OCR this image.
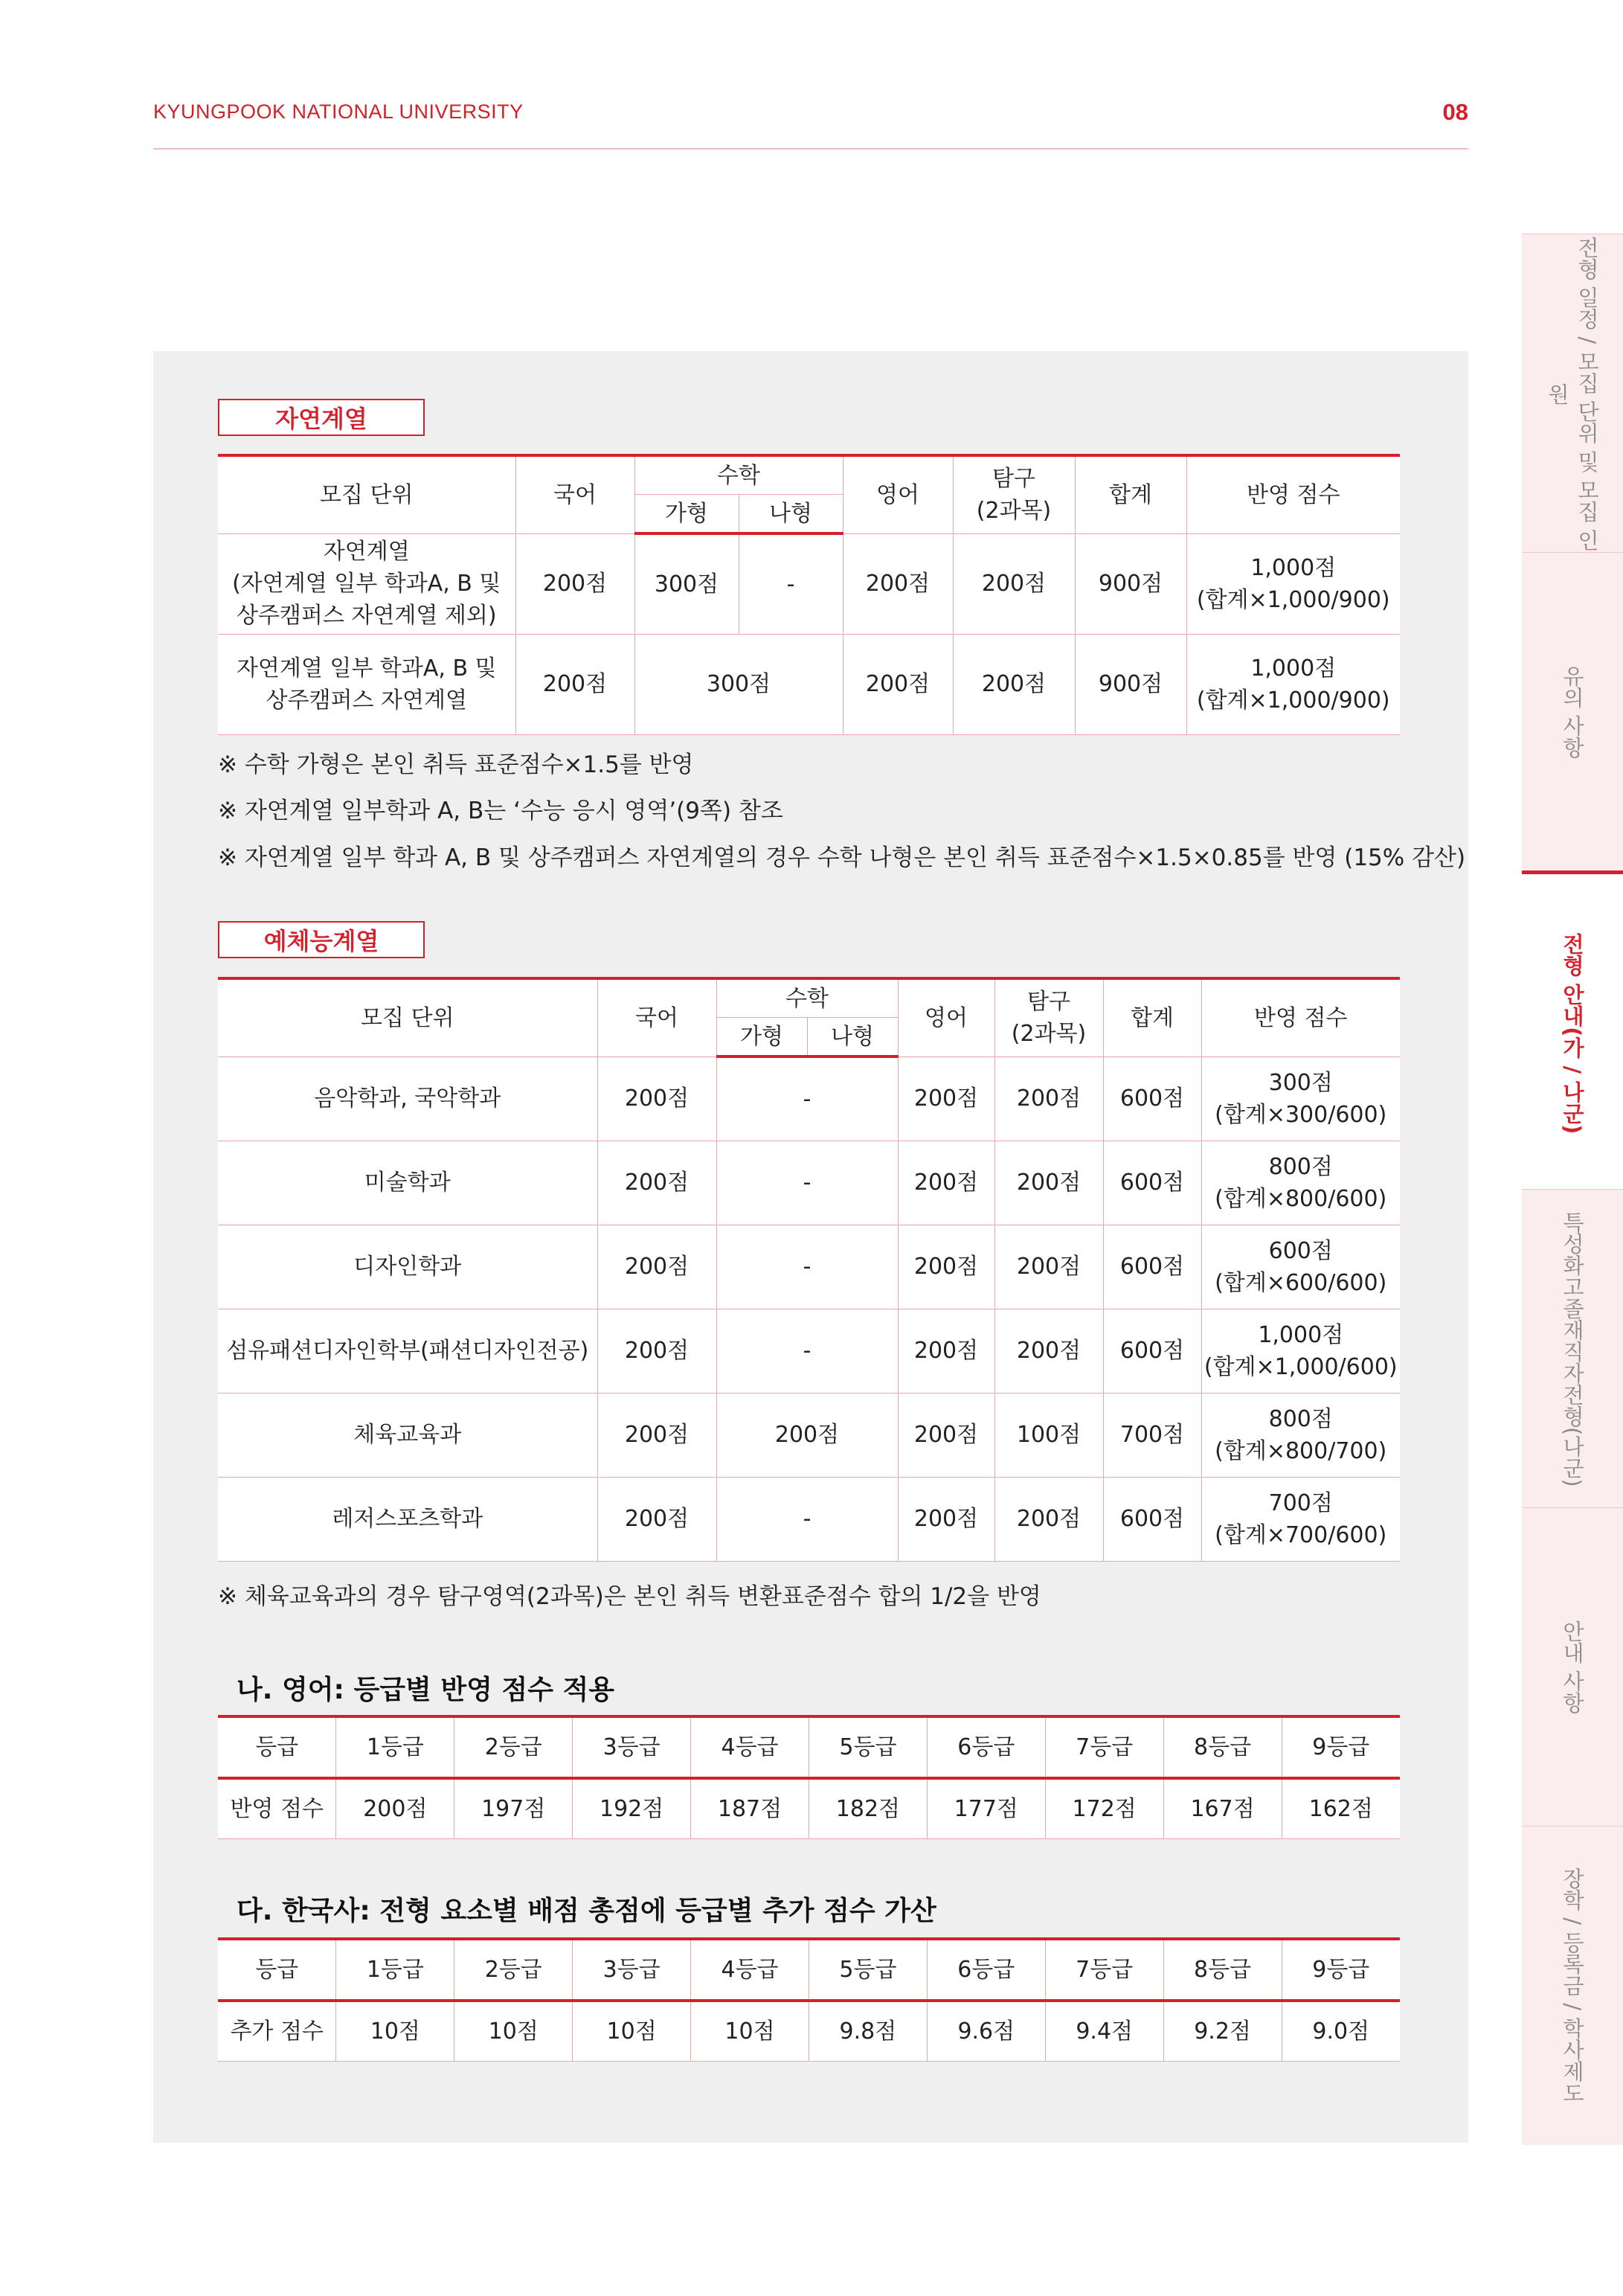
KYUNGPOOK NATIONAL UNIVERSITY	08
자연계열
모집 단위	국어	수학		영어	탐구
(2과목)	합계	반영 점수
		가형	나형				
자연계열
(자연계열 일부 학과A, B 및
상주캠퍼스 자연계열 제외)	200점	300점	-	200점	200점	900점	1,000점
(합계×1,000/900)
자연계열 일부 학과A, B 및
상주캠퍼스 자연계열	200점	300점		200점	200점	900점	1,000점
(합계×1,000/900)
※ 수학 가형은 본인 취득 표준점수×1.5를 반영
※ 자연계열 일부학과 A, B는 ‘수능 응시 영역’(9쪽) 참조
※ 자연계열 일부 학과 A, B 및 상주캠퍼스 자연계열의 경우 수학 나형은 본인 취득 표준점수×1.5×0.85를 반영 (15% 감산)
예체능계열
모집 단위	국어	수학		영어	탐구
(2과목)	합계	반영 점수
		가형	나형				
음악학과, 국악학과	200점	-		200점	200점	600점	300점
(합계×300/600)
미술학과	200점	-		200점	200점	600점	800점
(합계×800/600)
디자인학과	200점	-		200점	200점	600점	600점
(합계×600/600)
섬유패션디자인학부(패션디자인전공)	200점	-		200점	200점	600점	1,000점
(합계×1,000/600)
체육교육과	200점	200점		200점	100점	700점	800점
(합계×800/700)
레저스포츠학과	200점	-		200점	200점	600점	700점
(합계×700/600)
※ 체육교육과의 경우 탐구영역(2과목)은 본인 취득 변환표준점수 합의 1/2을 반영
나. 영어: 등급별 반영 점수 적용
등급	1등급	2등급	3등급	4등급	5등급	6등급	7등급	8등급	9등급
반영 점수	200점	197점	192점	187점	182점	177점	172점	167점	162점
다. 한국사: 전형 요소별 배점 총점에 등급별 추가 점수 가산
등급	1등급	2등급	3등급	4등급	5등급	6등급	7등급	8등급	9등급
추가 점수	10점	10점	10점	10점	9.8점	9.6점	9.4점	9.2점	9.0점
전형 일정 / 모집 단위 및 모집 인원
유의 사항
전형 안내(가 / 나군)
특성화고졸재직자전형(나군)
안내 사항
장학 / 등록금 / 학사제도
